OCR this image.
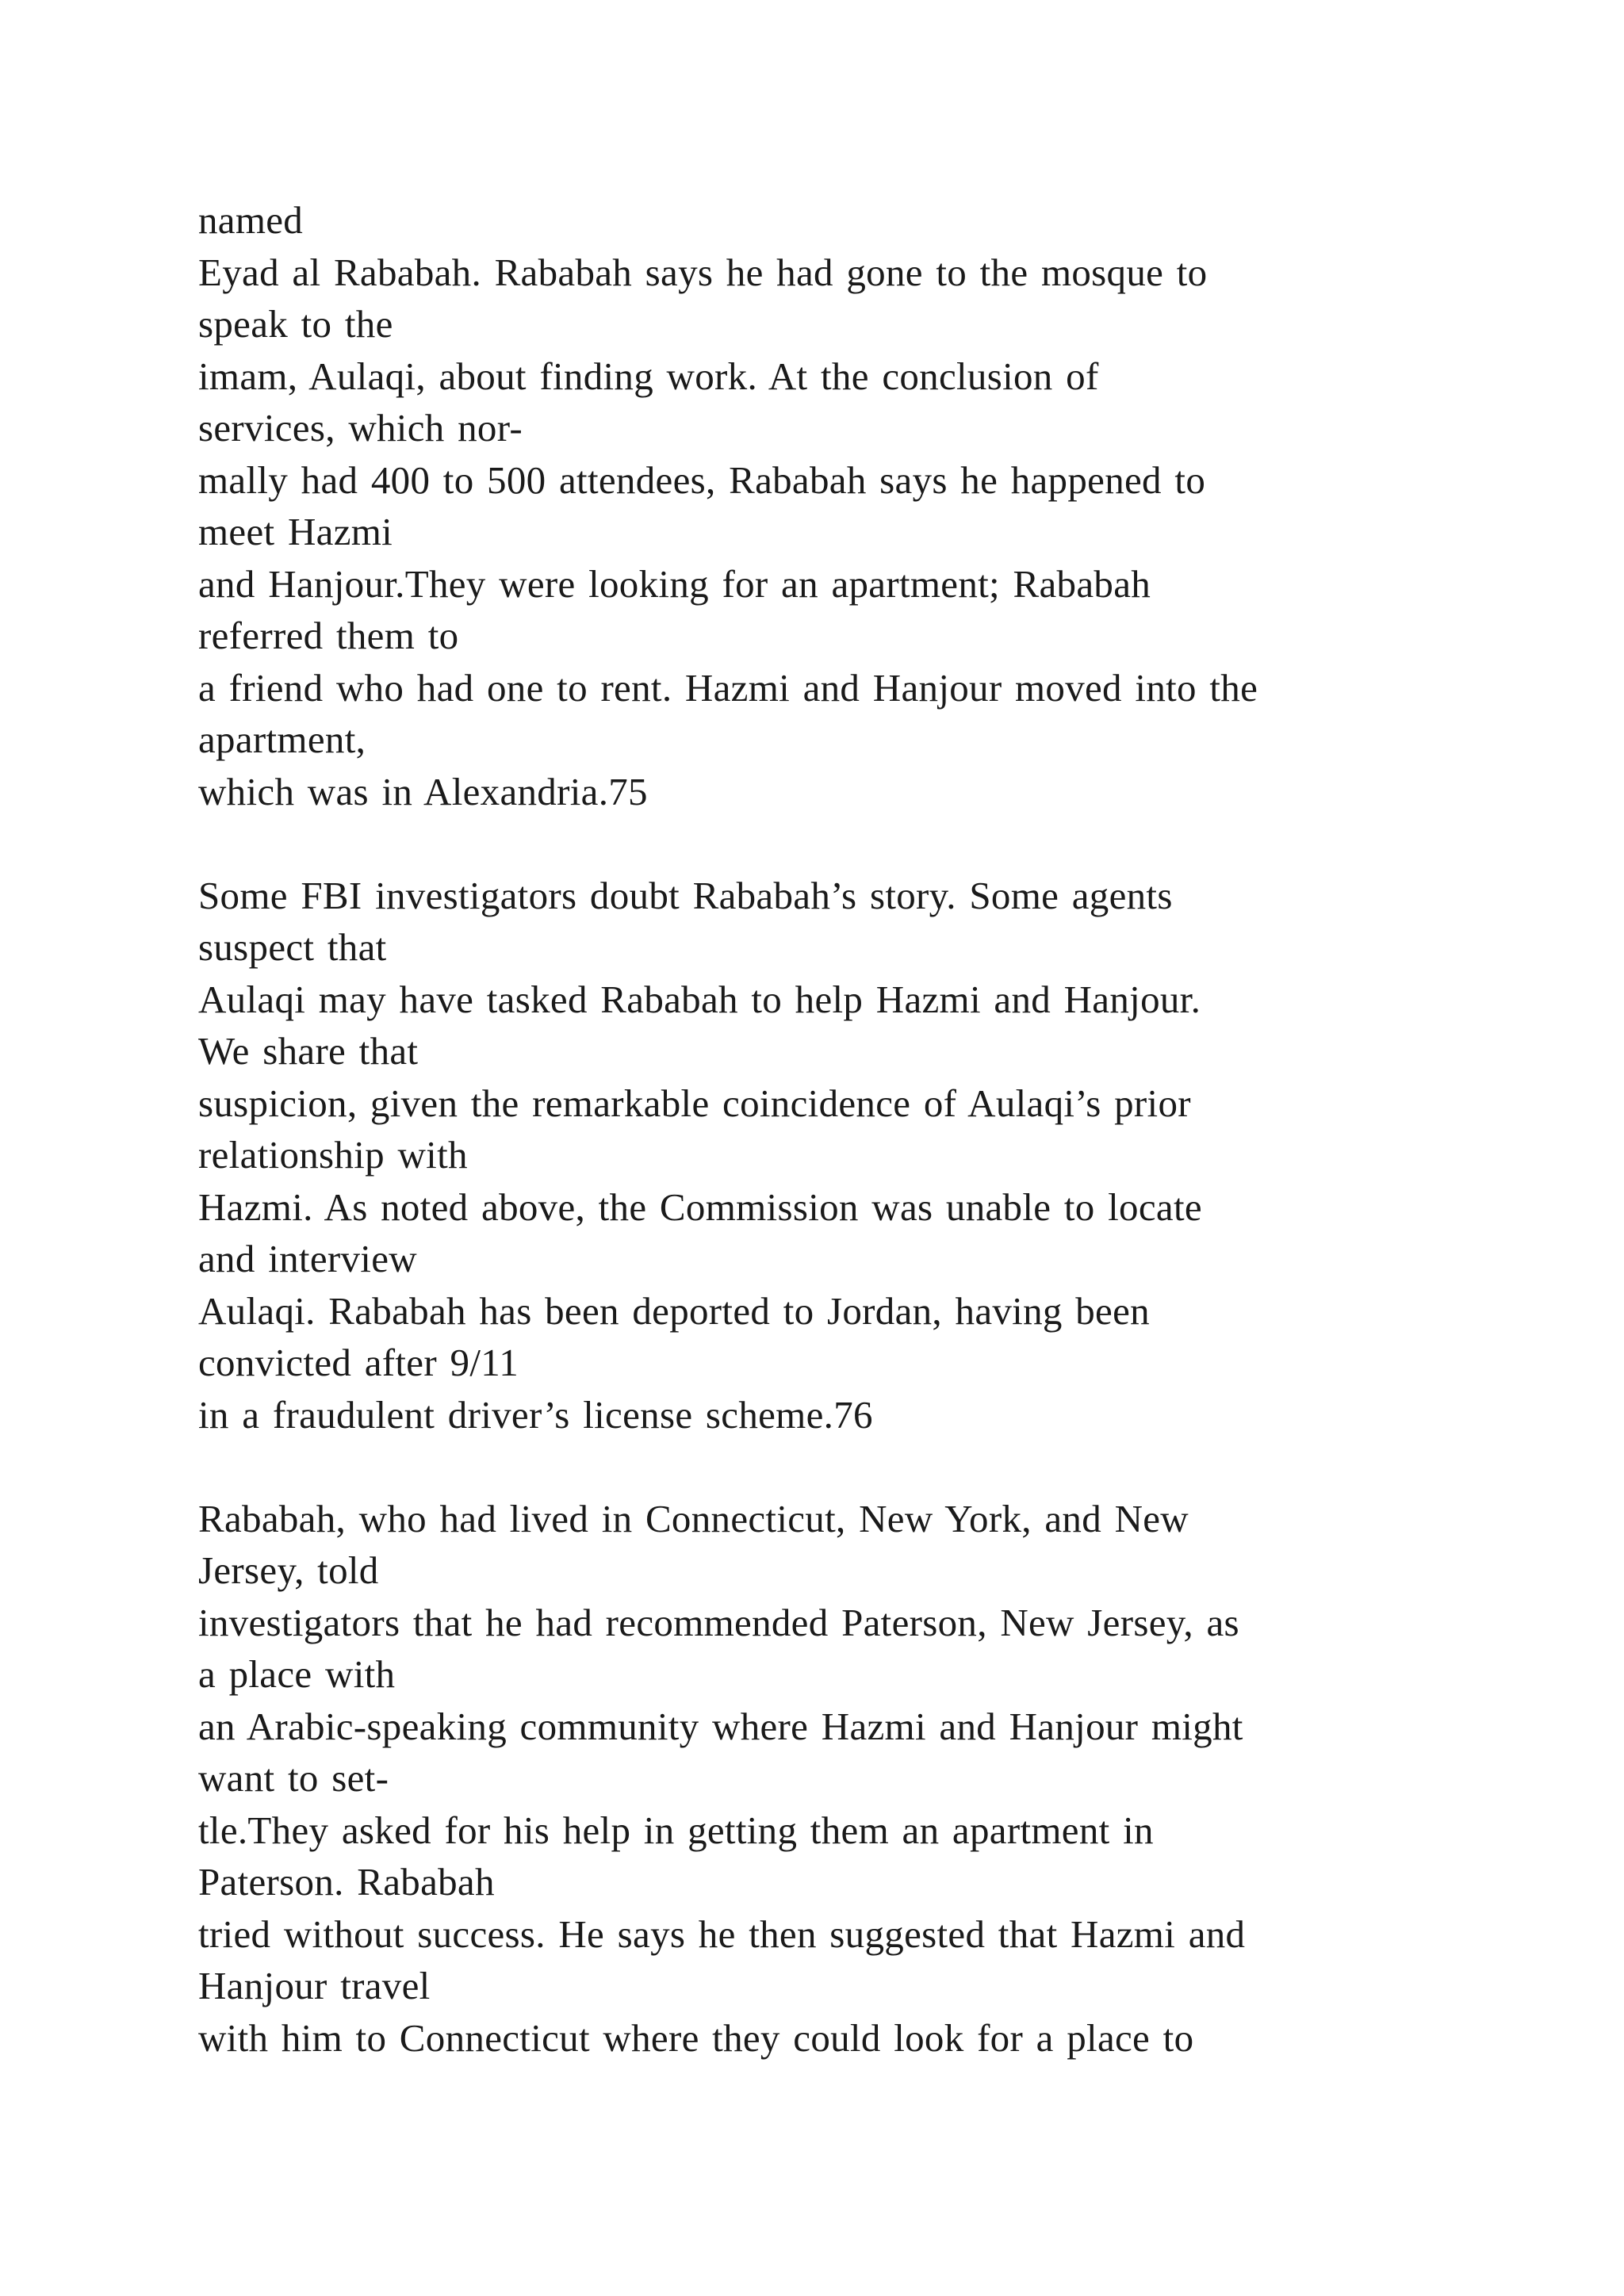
named
Eyad al Rababah. Rababah says he had gone to the mosque to
speak to the
imam, Aulaqi, about finding work. At the conclusion of
services, which nor-
mally had 400 to 500 attendees, Rababah says he happened to
meet Hazmi
and Hanjour.They were looking for an apartment; Rababah
referred them to
a friend who had one to rent. Hazmi and Hanjour moved into the
apartment,
which was in Alexandria.75
Some FBI investigators doubt Rababah’s story. Some agents
suspect that
Aulaqi may have tasked Rababah to help Hazmi and Hanjour.
We share that
suspicion, given the remarkable coincidence of Aulaqi’s prior
relationship with
Hazmi. As noted above, the Commission was unable to locate
and interview
Aulaqi. Rababah has been deported to Jordan, having been
convicted after 9/11
in a fraudulent driver’s license scheme.76
Rababah, who had lived in Connecticut, New York, and New
Jersey, told
investigators that he had recommended Paterson, New Jersey, as
a place with
an Arabic-speaking community where Hazmi and Hanjour might
want to set-
tle.They asked for his help in getting them an apartment in
Paterson. Rababah
tried without success. He says he then suggested that Hazmi and
Hanjour travel
with him to Connecticut where they could look for a place to
